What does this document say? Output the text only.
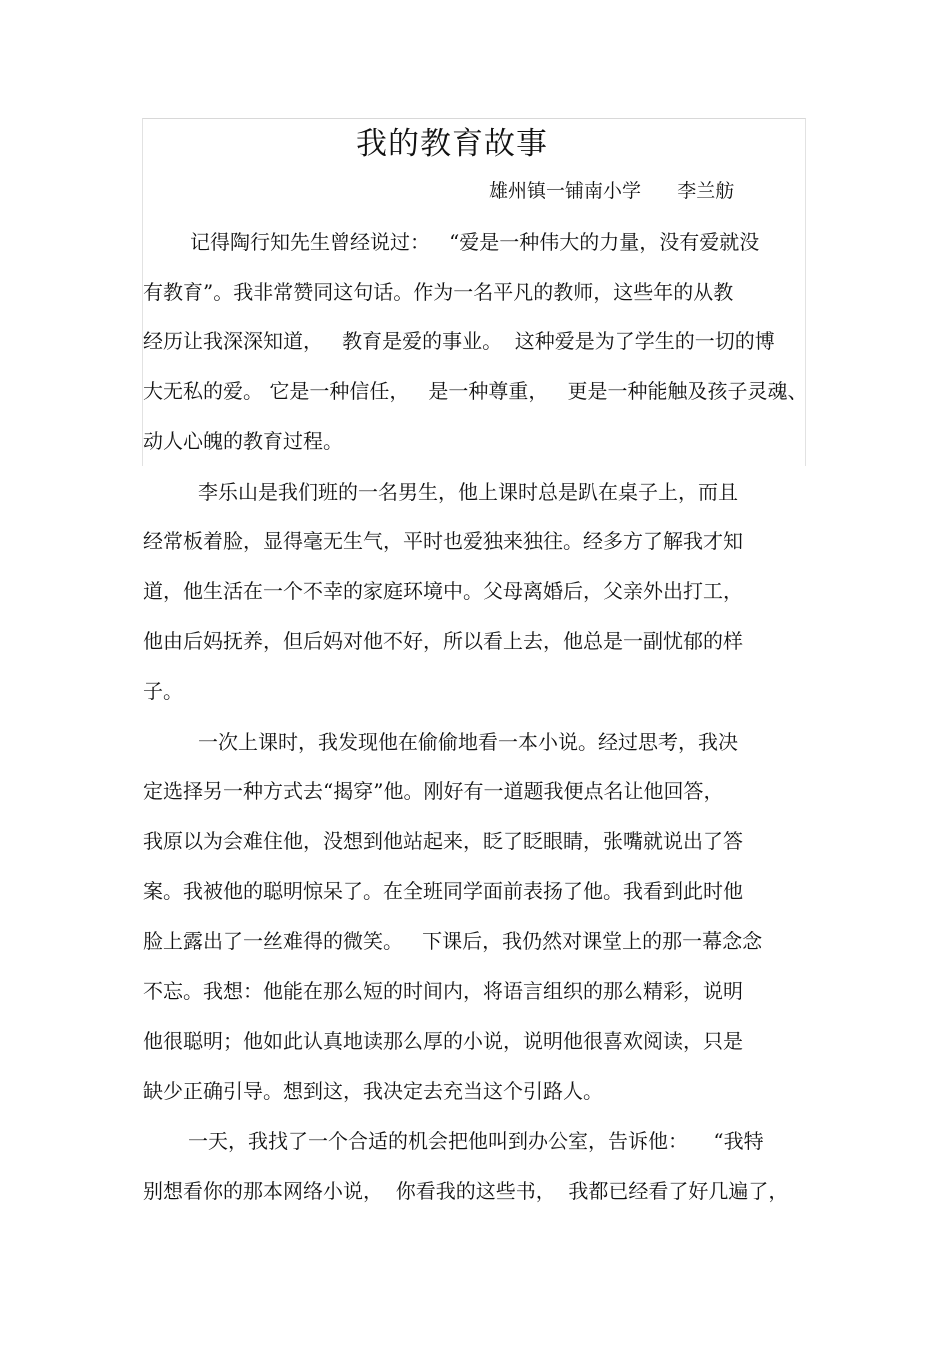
我的教育故事
雄州镇一铺南小学      李兰舫
记得陶行知先生曾经说过：   “爱是一种伟大的力量，没有爱就没
有教育”。我非常赞同这句话。作为一名平凡的教师，这些年的从教
经历让我深深知道，   教育是爱的事业。  这种爱是为了学生的一切的博
大无私的爱。 它是一种信任，   是一种尊重，   更是一种能触及孩子灵魂、
动人心魄的教育过程。
李乐山是我们班的一名男生，他上课时总是趴在桌子上，而且
经常板着脸，显得毫无生气，平时也爱独来独往。经多方了解我才知
道，他生活在一个不幸的家庭环境中。父母离婚后，父亲外出打工，
他由后妈抚养，但后妈对他不好，所以看上去，他总是一副忧郁的样
子。
一次上课时，我发现他在偷偷地看一本小说。经过思考，我决
定选择另一种方式去“揭穿”他。刚好有一道题我便点名让他回答，
我原以为会难住他，没想到他站起来，眨了眨眼睛，张嘴就说出了答
案。我被他的聪明惊呆了。在全班同学面前表扬了他。我看到此时他
脸上露出了一丝难得的微笑。   下课后，我仍然对课堂上的那一幕念念
不忘。我想：他能在那么短的时间内，将语言组织的那么精彩，说明
他很聪明；他如此认真地读那么厚的小说，说明他很喜欢阅读，只是
缺少正确引导。想到这，我决定去充当这个引路人。
一天，我找了一个合适的机会把他叫到办公室，告诉他：    “我特
别想看你的那本网络小说，  你看我的这些书，  我都已经看了好几遍了，
